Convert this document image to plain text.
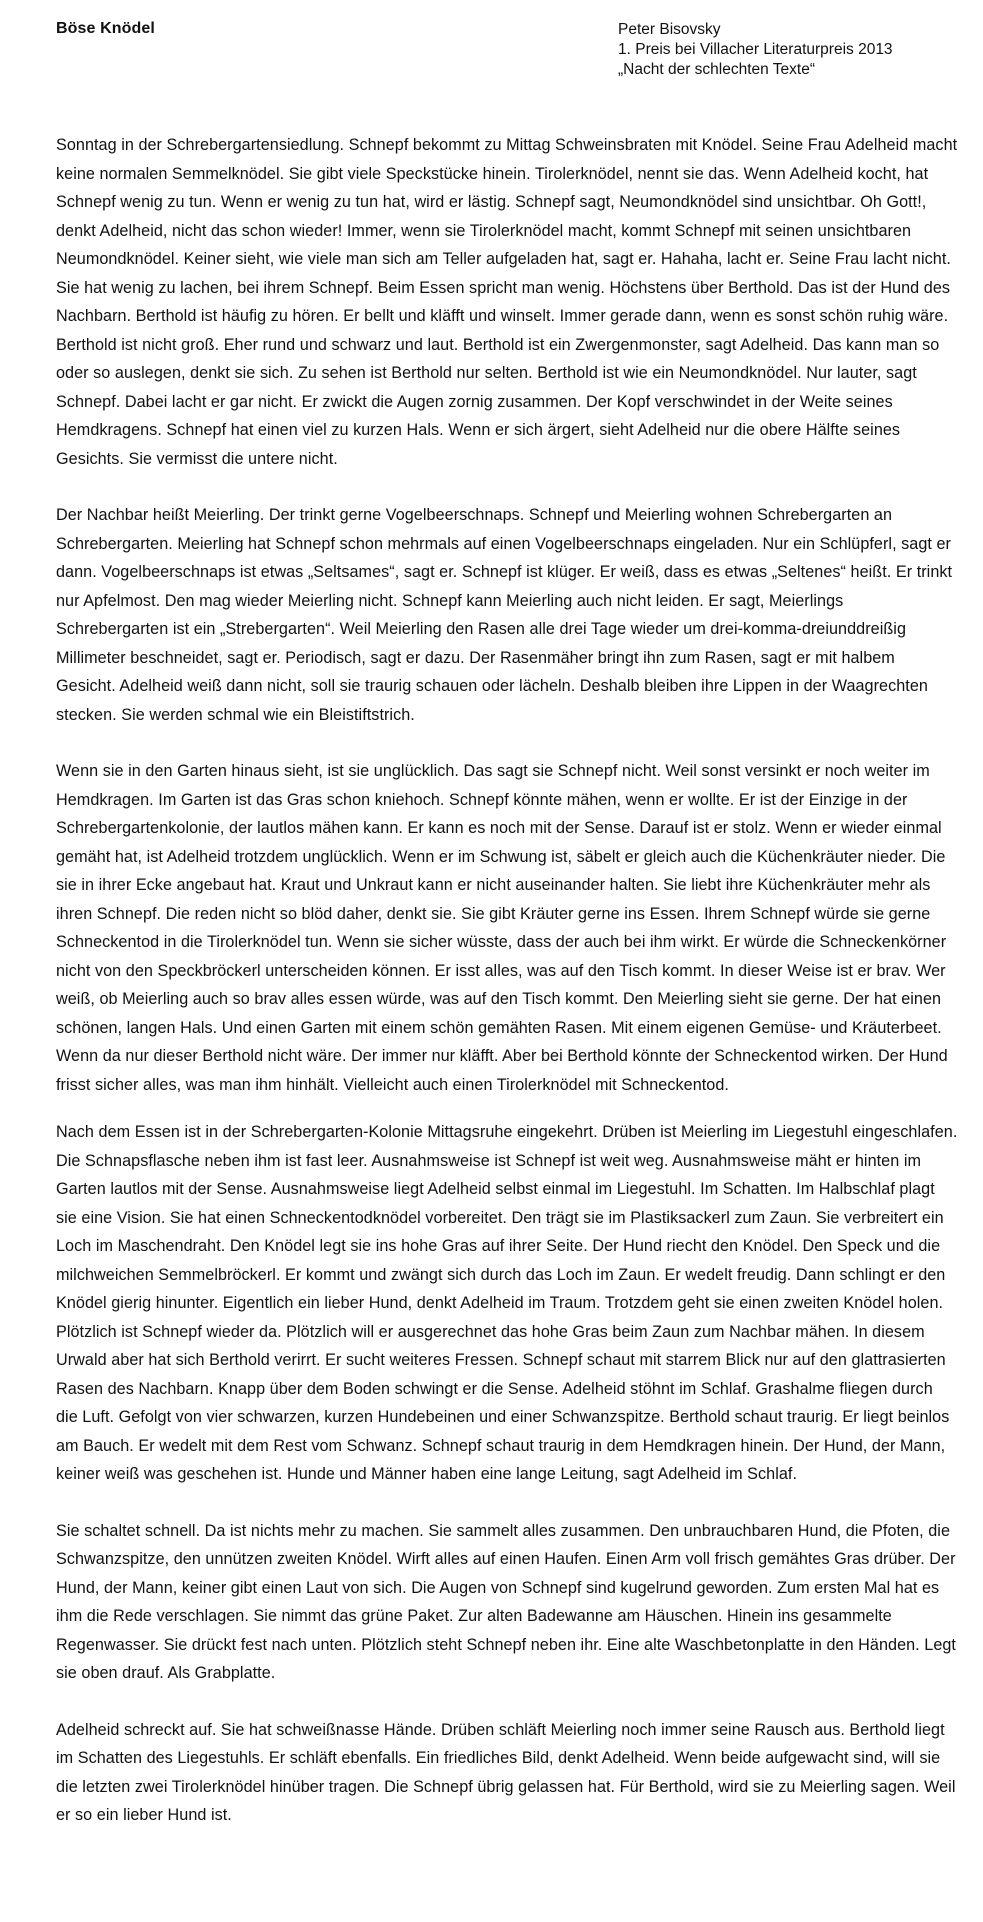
Böse Knödel	Peter Bisovsky
1. Preis bei Villacher Literaturpreis 2013
„Nacht der schlechten Texte“

Sonntag in der Schrebergartensiedlung. Schnepf bekommt zu Mittag Schweinsbraten mit Knödel. Seine Frau Adelheid macht keine normalen Semmelknödel. Sie gibt viele Speckstücke hinein. Tirolerknödel, nennt sie das. Wenn Adelheid kocht, hat Schnepf wenig zu tun. Wenn er wenig zu tun hat, wird er lästig. Schnepf sagt, Neumondknödel sind unsichtbar. Oh Gott!, denkt Adelheid, nicht das schon wieder! Immer, wenn sie Tirolerknödel macht, kommt Schnepf mit seinen unsichtbaren Neumondknödel. Keiner sieht, wie viele man sich am Teller aufgeladen hat, sagt er. Hahaha, lacht er. Seine Frau lacht nicht. Sie hat wenig zu lachen, bei ihrem Schnepf. Beim Essen spricht man wenig. Höchstens über Berthold. Das ist der Hund des Nachbarn. Berthold ist häufig zu hören. Er bellt und kläfft und winselt. Immer gerade dann, wenn es sonst schön ruhig wäre. Berthold ist nicht groß. Eher rund und schwarz und laut. Berthold ist ein Zwergenmonster, sagt Adelheid. Das kann man so oder so auslegen, denkt sie sich. Zu sehen ist Berthold nur selten. Berthold ist wie ein Neumondknödel. Nur lauter, sagt Schnepf. Dabei lacht er gar nicht. Er zwickt die Augen zornig zusammen. Der Kopf verschwindet in der Weite seines Hemdkragens. Schnepf hat einen viel zu kurzen Hals. Wenn er sich ärgert, sieht Adelheid nur die obere Hälfte seines Gesichts. Sie vermisst die untere nicht.

Der Nachbar heißt Meierling. Der trinkt gerne Vogelbeerschnaps. Schnepf und Meierling wohnen Schrebergarten an Schrebergarten. Meierling hat Schnepf schon mehrmals auf einen Vogelbeerschnaps eingeladen. Nur ein Schlüpferl, sagt er dann. Vogelbeerschnaps ist etwas „Seltsames“, sagt er. Schnepf ist klüger. Er weiß, dass es etwas „Seltenes“ heißt. Er trinkt nur Apfelmost. Den mag wieder Meierling nicht. Schnepf kann Meierling auch nicht leiden. Er sagt, Meierlings Schrebergarten ist ein „Strebergarten“. Weil Meierling den Rasen alle drei Tage wieder um drei-komma-dreiunddreißig Millimeter beschneidet, sagt er. Periodisch, sagt er dazu. Der Rasenmäher bringt ihn zum Rasen, sagt er mit halbem Gesicht. Adelheid weiß dann nicht, soll sie traurig schauen oder lächeln. Deshalb bleiben ihre Lippen in der Waagrechten stecken. Sie werden schmal wie ein Bleistiftstrich.

Wenn sie in den Garten hinaus sieht, ist sie unglücklich. Das sagt sie Schnepf nicht. Weil sonst versinkt er noch weiter im Hemdkragen. Im Garten ist das Gras schon kniehoch. Schnepf könnte mähen, wenn er wollte. Er ist der Einzige in der Schrebergartenkolonie, der lautlos mähen kann. Er kann es noch mit der Sense. Darauf ist er stolz. Wenn er wieder einmal gemäht hat, ist Adelheid trotzdem unglücklich. Wenn er im Schwung ist, säbelt er gleich auch die Küchenkräuter nieder. Die sie in ihrer Ecke angebaut hat. Kraut und Unkraut kann er nicht auseinander halten. Sie liebt ihre Küchenkräuter mehr als ihren Schnepf. Die reden nicht so blöd daher, denkt sie. Sie gibt Kräuter gerne ins Essen. Ihrem Schnepf würde sie gerne Schneckentod in die Tirolerknödel tun. Wenn sie sicher wüsste, dass der auch bei ihm wirkt. Er würde die Schneckenkörner nicht von den Speckbröckerl unterscheiden können. Er isst alles, was auf den Tisch kommt. In dieser Weise ist er brav. Wer weiß, ob Meierling auch so brav alles essen würde, was auf den Tisch kommt. Den Meierling sieht sie gerne. Der hat einen schönen, langen Hals. Und einen Garten mit einem schön gemähten Rasen. Mit einem eigenen Gemüse- und Kräuterbeet. Wenn da nur dieser Berthold nicht wäre. Der immer nur kläfft. Aber bei Berthold könnte der Schneckentod wirken. Der Hund frisst sicher alles, was man ihm hinhält. Vielleicht auch einen Tirolerknödel mit Schneckentod.

Nach dem Essen ist in der Schrebergarten-Kolonie Mittagsruhe eingekehrt. Drüben ist Meierling im Liegestuhl eingeschlafen. Die Schnapsflasche neben ihm ist fast leer. Ausnahmsweise ist Schnepf ist weit weg. Ausnahmsweise mäht er hinten im Garten lautlos mit der Sense. Ausnahmsweise liegt Adelheid selbst einmal im Liegestuhl. Im Schatten. Im Halbschlaf plagt sie eine Vision. Sie hat einen Schneckentodknödel vorbereitet. Den trägt sie im Plastiksackerl zum Zaun. Sie verbreitert ein Loch im Maschendraht. Den Knödel legt sie ins hohe Gras auf ihrer Seite. Der Hund riecht den Knödel. Den Speck und die milchweichen Semmelbröckerl. Er kommt und zwängt sich durch das Loch im Zaun. Er wedelt freudig. Dann schlingt er den Knödel gierig hinunter. Eigentlich ein lieber Hund, denkt Adelheid im Traum. Trotzdem geht sie einen zweiten Knödel holen. Plötzlich ist Schnepf wieder da. Plötzlich will er ausgerechnet das hohe Gras beim Zaun zum Nachbar mähen. In diesem Urwald aber hat sich Berthold verirrt. Er sucht weiteres Fressen. Schnepf schaut mit starrem Blick nur auf den glattrasierten Rasen des Nachbarn. Knapp über dem Boden schwingt er die Sense. Adelheid stöhnt im Schlaf. Grashalme fliegen durch die Luft. Gefolgt von vier schwarzen, kurzen Hundebeinen und einer Schwanzspitze. Berthold schaut traurig. Er liegt beinlos am Bauch. Er wedelt mit dem Rest vom Schwanz. Schnepf schaut traurig in dem Hemdkragen hinein. Der Hund, der Mann, keiner weiß was geschehen ist. Hunde und Männer haben eine lange Leitung, sagt Adelheid im Schlaf.

Sie schaltet schnell. Da ist nichts mehr zu machen. Sie sammelt alles zusammen. Den unbrauchbaren Hund, die Pfoten, die Schwanzspitze, den unnützen zweiten Knödel. Wirft alles auf einen Haufen. Einen Arm voll frisch gemähtes Gras drüber. Der Hund, der Mann, keiner gibt einen Laut von sich. Die Augen von Schnepf sind kugelrund geworden. Zum ersten Mal hat es ihm die Rede verschlagen. Sie nimmt das grüne Paket. Zur alten Badewanne am Häuschen. Hinein ins gesammelte Regenwasser. Sie drückt fest nach unten. Plötzlich steht Schnepf neben ihr. Eine alte Waschbetonplatte in den Händen. Legt sie oben drauf. Als Grabplatte.

Adelheid schreckt auf. Sie hat schweißnasse Hände. Drüben schläft Meierling noch immer seine Rausch aus. Berthold liegt im Schatten des Liegestuhls. Er schläft ebenfalls. Ein friedliches Bild, denkt Adelheid. Wenn beide aufgewacht sind, will sie die letzten zwei Tirolerknödel hinüber tragen. Die Schnepf übrig gelassen hat. Für Berthold, wird sie zu Meierling sagen. Weil er so ein lieber Hund ist.
